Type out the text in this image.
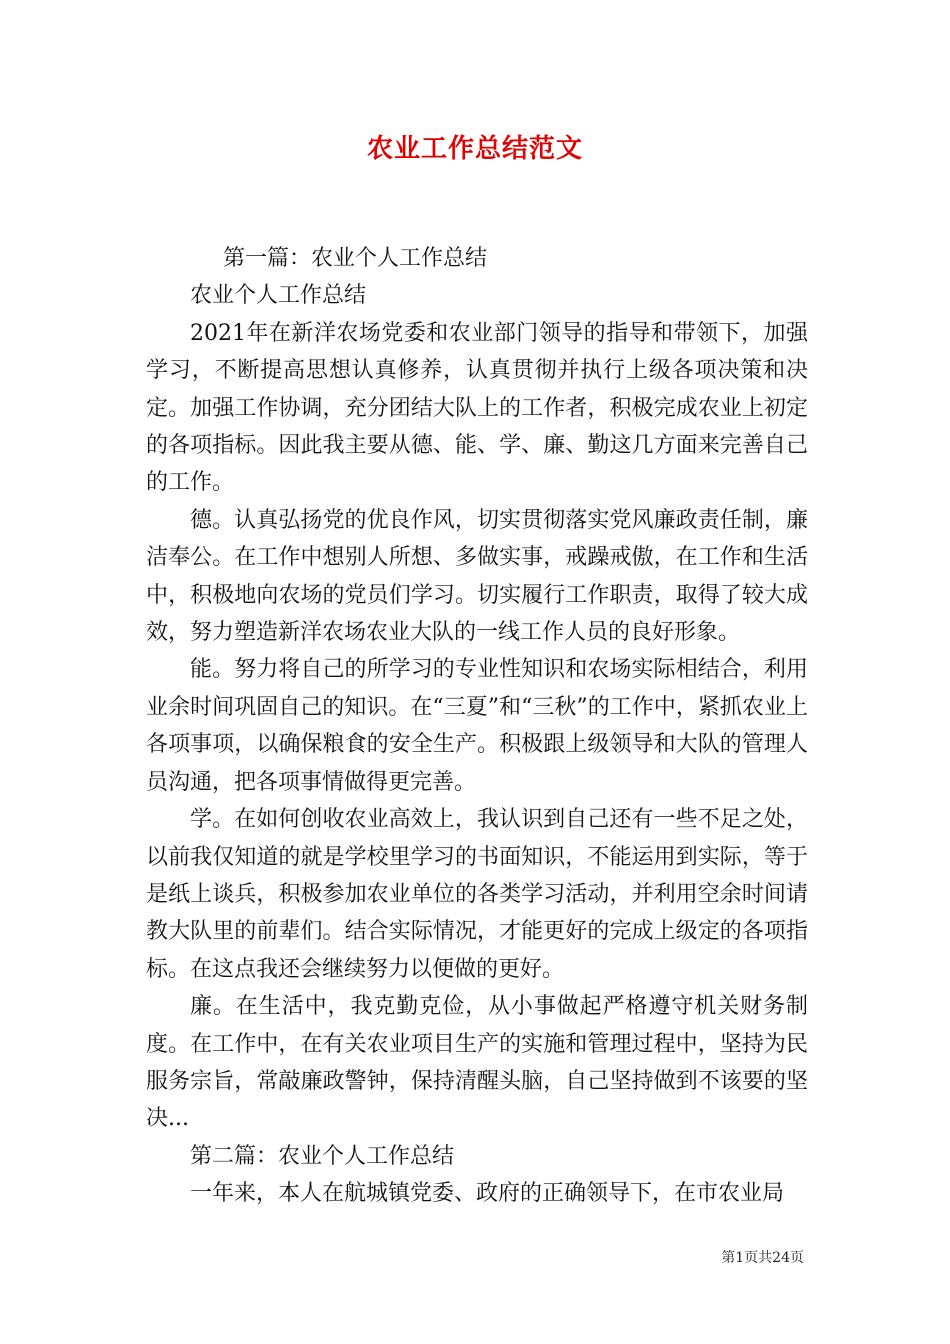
农业工作总结范文

第一篇：农业个人工作总结

农业个人工作总结

2021年在新洋农场党委和农业部门领导的指导和带领下，加强学习，不断提高思想认真修养，认真贯彻并执行上级各项决策和决定。加强工作协调，充分团结大队上的工作者，积极完成农业上初定的各项指标。因此我主要从德、能、学、廉、勤这几方面来完善自己的工作。

德。认真弘扬党的优良作风，切实贯彻落实党风廉政责任制，廉洁奉公。在工作中想别人所想、多做实事，戒躁戒傲，在工作和生活中，积极地向农场的党员们学习。切实履行工作职责，取得了较大成效，努力塑造新洋农场农业大队的一线工作人员的良好形象。

能。努力将自己的所学习的专业性知识和农场实际相结合，利用业余时间巩固自己的知识。在“三夏”和“三秋”的工作中，紧抓农业上各项事项，以确保粮食的安全生产。积极跟上级领导和大队的管理人员沟通，把各项事情做得更完善。

学。在如何创收农业高效上，我认识到自己还有一些不足之处，以前我仅知道的就是学校里学习的书面知识，不能运用到实际，等于是纸上谈兵，积极参加农业单位的各类学习活动，并利用空余时间请教大队里的前辈们。结合实际情况，才能更好的完成上级定的各项指标。在这点我还会继续努力以便做的更好。

廉。在生活中，我克勤克俭，从小事做起严格遵守机关财务制度。在工作中，在有关农业项目生产的实施和管理过程中，坚持为民服务宗旨，常敲廉政警钟，保持清醒头脑，自己坚持做到不该要的坚决...

第二篇：农业个人工作总结

一年来，本人在航城镇党委、政府的正确领导下，在市农业局

第1页共24页
